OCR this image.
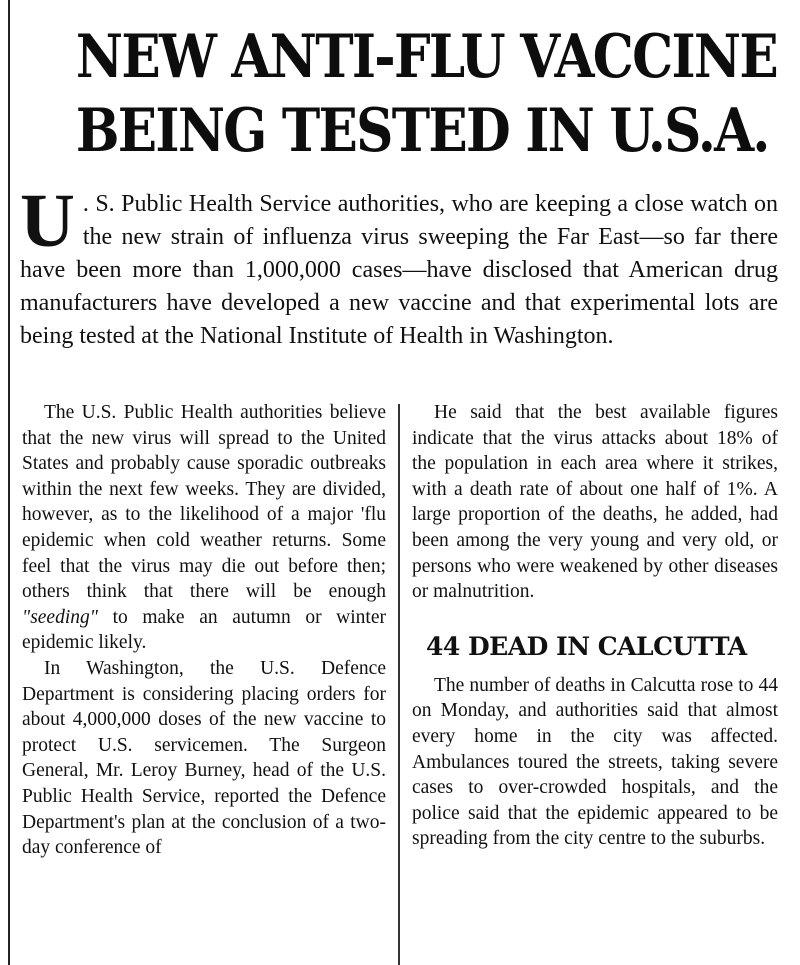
NEW ANTI-FLU VACCINE
BEING TESTED IN U.S.A.
U . S. Public Health Service authorities, who are keeping a close watch on the new strain of influenza virus sweeping the Far East—so far there have been more than 1,000,000 cases—have disclosed that American drug manufacturers have developed a new vaccine and that experimental lots are being tested at the National Institute of Health in Washington.

The U.S. Public Health authorities believe that the new virus will spread to the United States and probably cause sporadic outbreaks within the next few weeks. They are divided, however, as to the likelihood of a major 'flu epidemic when cold weather returns. Some feel that the virus may die out before then; others think that there will be enough "seeding" to make an autumn or winter epidemic likely.

In Washington, the U.S. Defence Department is considering placing orders for about 4,000,000 doses of the new vaccine to protect U.S. servicemen. The Surgeon General, Mr. Leroy Burney, head of the U.S. Public Health Service, reported the Defence Department's plan at the conclusion of a two-day conference of

He said that the best available figures indicate that the virus attacks about 18% of the population in each area where it strikes, with a death rate of about one half of 1%. A large proportion of the deaths, he added, had been among the very young and very old, or persons who were weakened by other diseases or malnutrition.

44 DEAD IN CALCUTTA

The number of deaths in Calcutta rose to 44 on Monday, and authorities said that almost every home in the city was affected. Ambulances toured the streets, taking severe cases to over-crowded hospitals, and the police said that the epidemic appeared to be spreading from the city centre to the suburbs.
